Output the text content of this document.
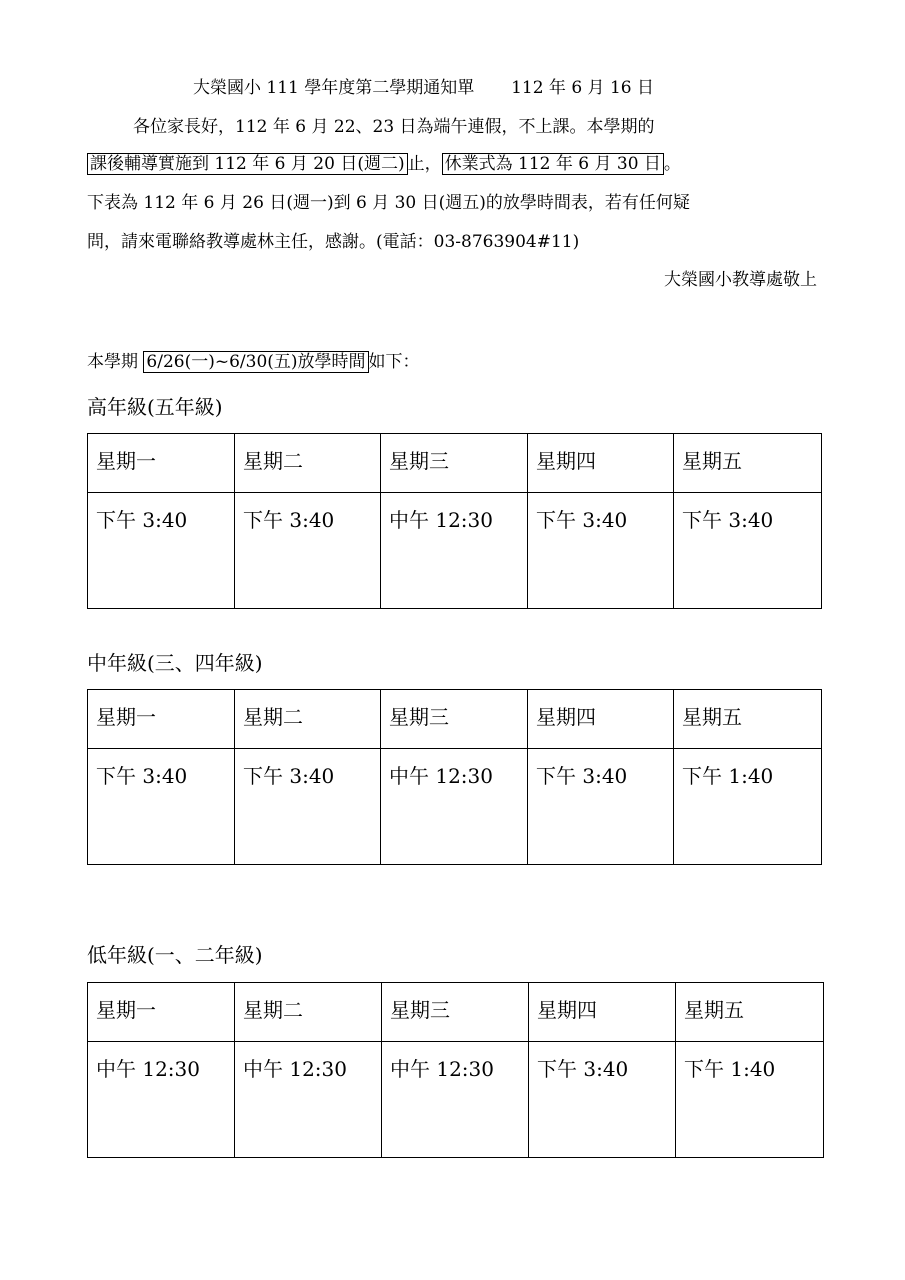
大榮國小 111 學年度第二學期通知單 112 年 6 月 16 日
各位家長好，112 年 6 月 22、23 日為端午連假，不上課。本學期的
課後輔導實施到 112 年 6 月 20 日(週二) 止， 休業式為 112 年 6 月 30 日 。
下表為 112 年 6 月 26 日(週一)到 6 月 30 日(週五)的放學時間表，若有任何疑
問，請來電聯絡教導處林主任，感謝。(電話：03-8763904#11)
大榮國小教導處敬上
本學期 6/26(一)~6/30(五)放學時間 如下：
高年級(五年級)
星期一	星期二	星期三	星期四	星期五
下午 3:40	下午 3:40	中午 12:30	下午 3:40	下午 3:40
中年級(三、四年級)
星期一	星期二	星期三	星期四	星期五
下午 3:40	下午 3:40	中午 12:30	下午 3:40	下午 1:40
低年級(一、二年級)
星期一	星期二	星期三	星期四	星期五
中午 12:30	中午 12:30	中午 12:30	下午 3:40	下午 1:40
